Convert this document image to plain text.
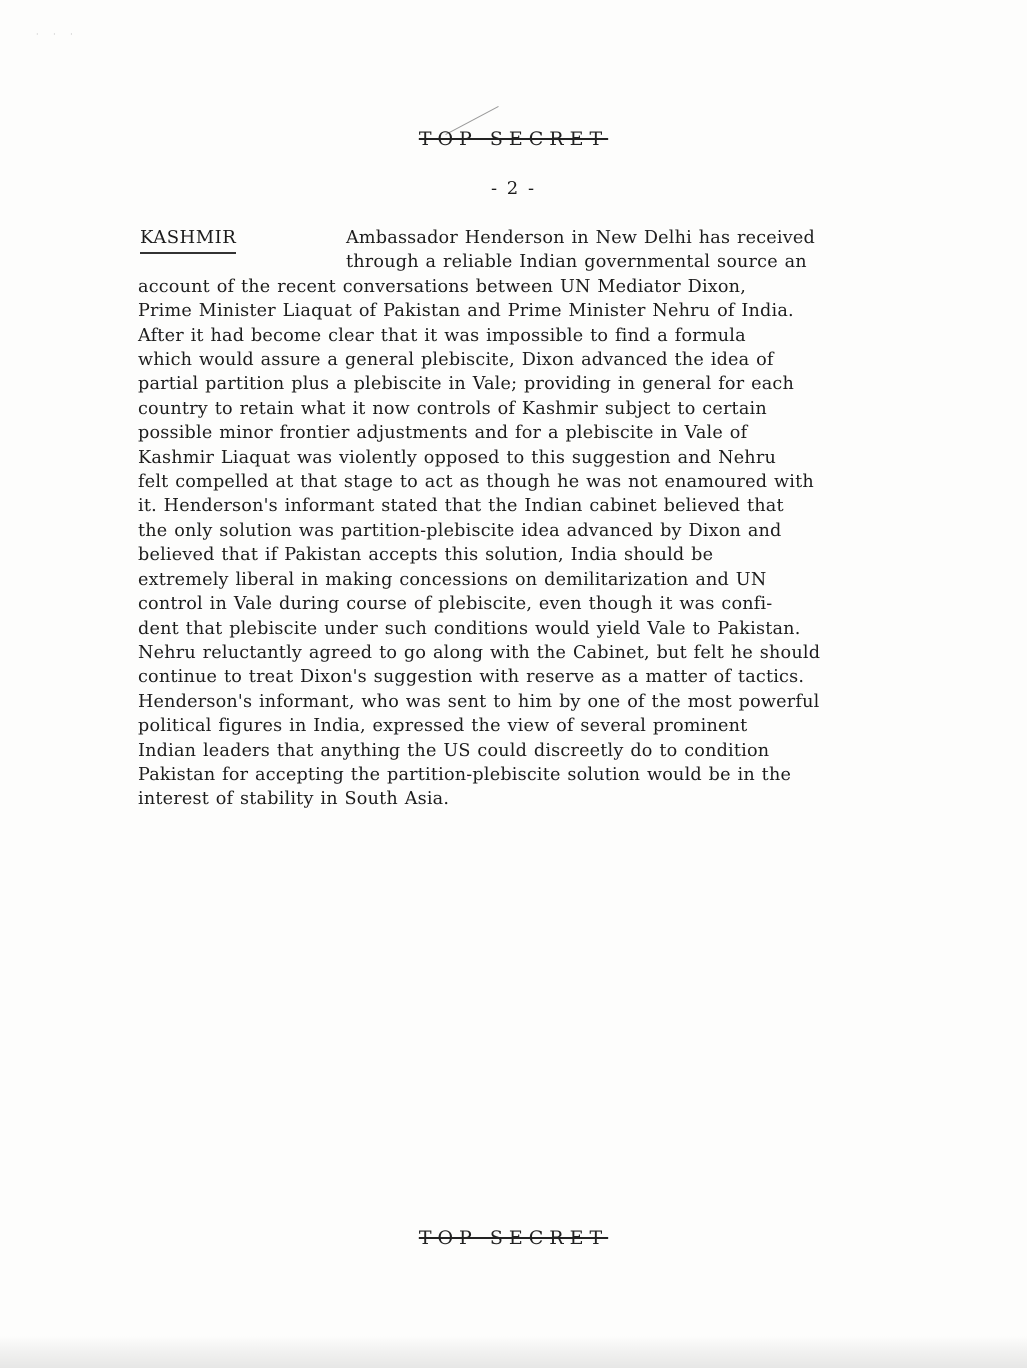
· · ·
TOP SECRET
- 2 -
KASHMIR	Ambassador Henderson in New Delhi has received
through a reliable Indian governmental source an
account of the recent conversations between UN Mediator Dixon,
Prime Minister Liaquat of Pakistan and Prime Minister Nehru of India.
After it had become clear that it was impossible to find a formula
which would assure a general plebiscite, Dixon advanced the idea of
partial partition plus a plebiscite in Vale; providing in general for each
country to retain what it now controls of Kashmir subject to certain
possible minor frontier adjustments and for a plebiscite in Vale of
Kashmir Liaquat was violently opposed to this suggestion and Nehru
felt compelled at that stage to act as though he was not enamoured with
it. Henderson's informant stated that the Indian cabinet believed that
the only solution was partition-plebiscite idea advanced by Dixon and
believed that if Pakistan accepts this solution, India should be
extremely liberal in making concessions on demilitarization and UN
control in Vale during course of plebiscite, even though it was confi-
dent that plebiscite under such conditions would yield Vale to Pakistan.
Nehru reluctantly agreed to go along with the Cabinet, but felt he should
continue to treat Dixon's suggestion with reserve as a matter of tactics.
Henderson's informant, who was sent to him by one of the most powerful
political figures in India, expressed the view of several prominent
Indian leaders that anything the US could discreetly do to condition
Pakistan for accepting the partition-plebiscite solution would be in the
interest of stability in South Asia.
TOP SECRET
